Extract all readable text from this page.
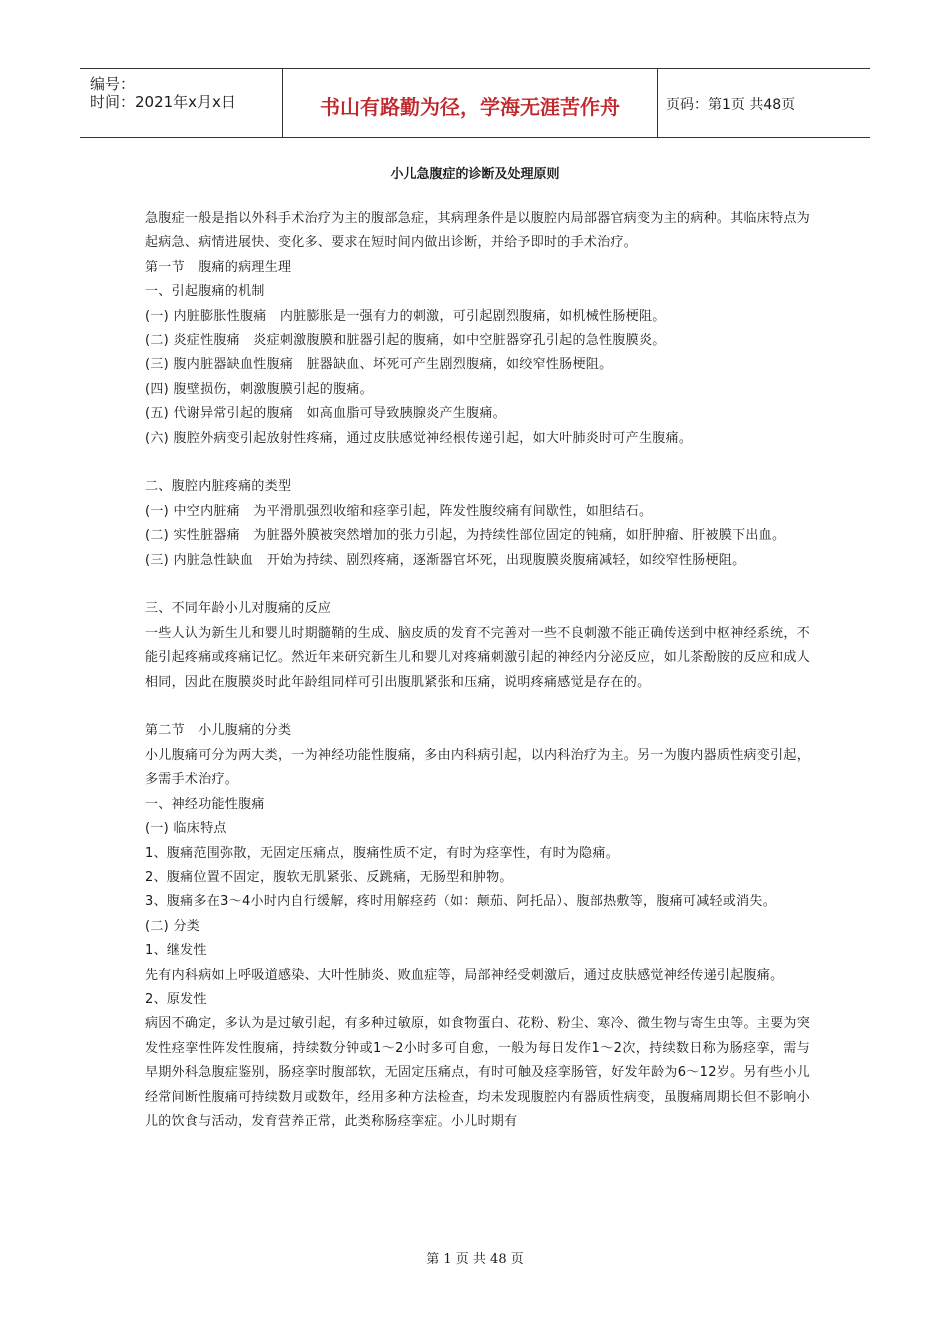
编号：
时间：2021年x月x日	书山有路勤为径，学海无涯苦作舟	页码：第1页 共48页
小儿急腹症的诊断及处理原则

急腹症一般是指以外科手术治疗为主的腹部急症，其病理条件是以腹腔内局部器官病变为主的病种。其临床特点为起病急、病情进展快、变化多、要求在短时间内做出诊断，并给予即时的手术治疗。

第一节　腹痛的病理生理

一、引起腹痛的机制

(一) 内脏膨胀性腹痛　内脏膨胀是一强有力的刺激，可引起剧烈腹痛，如机械性肠梗阻。

(二) 炎症性腹痛　炎症刺激腹膜和脏器引起的腹痛，如中空脏器穿孔引起的急性腹膜炎。

(三) 腹内脏器缺血性腹痛　脏器缺血、坏死可产生剧烈腹痛，如绞窄性肠梗阻。

(四) 腹壁损伤，刺激腹膜引起的腹痛。

(五) 代谢异常引起的腹痛　如高血脂可导致胰腺炎产生腹痛。

(六) 腹腔外病变引起放射性疼痛，通过皮肤感觉神经根传递引起，如大叶肺炎时可产生腹痛。

二、腹腔内脏疼痛的类型

(一) 中空内脏痛　为平滑肌强烈收缩和痉挛引起，阵发性腹绞痛有间歇性，如胆结石。

(二) 实性脏器痛　为脏器外膜被突然增加的张力引起，为持续性部位固定的钝痛，如肝肿瘤、肝被膜下出血。

(三) 内脏急性缺血　开始为持续、剧烈疼痛，逐渐器官坏死，出现腹膜炎腹痛减轻，如绞窄性肠梗阻。

三、不同年龄小儿对腹痛的反应

一些人认为新生儿和婴儿时期髓鞘的生成、脑皮质的发育不完善对一些不良刺激不能正确传送到中枢神经系统，不能引起疼痛或疼痛记忆。然近年来研究新生儿和婴儿对疼痛刺激引起的神经内分泌反应，如儿茶酚胺的反应和成人相同，因此在腹膜炎时此年龄组同样可引出腹肌紧张和压痛，说明疼痛感觉是存在的。

第二节　小儿腹痛的分类

小儿腹痛可分为两大类，一为神经功能性腹痛，多由内科病引起，以内科治疗为主。另一为腹内器质性病变引起，多需手术治疗。

一、神经功能性腹痛

(一) 临床特点

1、腹痛范围弥散，无固定压痛点，腹痛性质不定，有时为痉挛性，有时为隐痛。

2、腹痛位置不固定，腹软无肌紧张、反跳痛，无肠型和肿物。

3、腹痛多在3～4小时内自行缓解，疼时用解痉药（如：颠茄、阿托品）、腹部热敷等，腹痛可减轻或消失。

(二) 分类

1、继发性

先有内科病如上呼吸道感染、大叶性肺炎、败血症等，局部神经受刺激后，通过皮肤感觉神经传递引起腹痛。

2、原发性

病因不确定，多认为是过敏引起，有多种过敏原，如食物蛋白、花粉、粉尘、寒冷、微生物与寄生虫等。主要为突发性痉挛性阵发性腹痛，持续数分钟或1～2小时多可自愈，一般为每日发作1～2次，持续数日称为肠痉挛，需与早期外科急腹症鉴别，肠痉挛时腹部软，无固定压痛点，有时可触及痉挛肠管，好发年龄为6～12岁。另有些小儿经常间断性腹痛可持续数月或数年，经用多种方法检查，均未发现腹腔内有器质性病变，虽腹痛周期长但不影响小儿的饮食与活动，发育营养正常，此类称肠痉挛症。小儿时期有

第 1 页 共 48 页
